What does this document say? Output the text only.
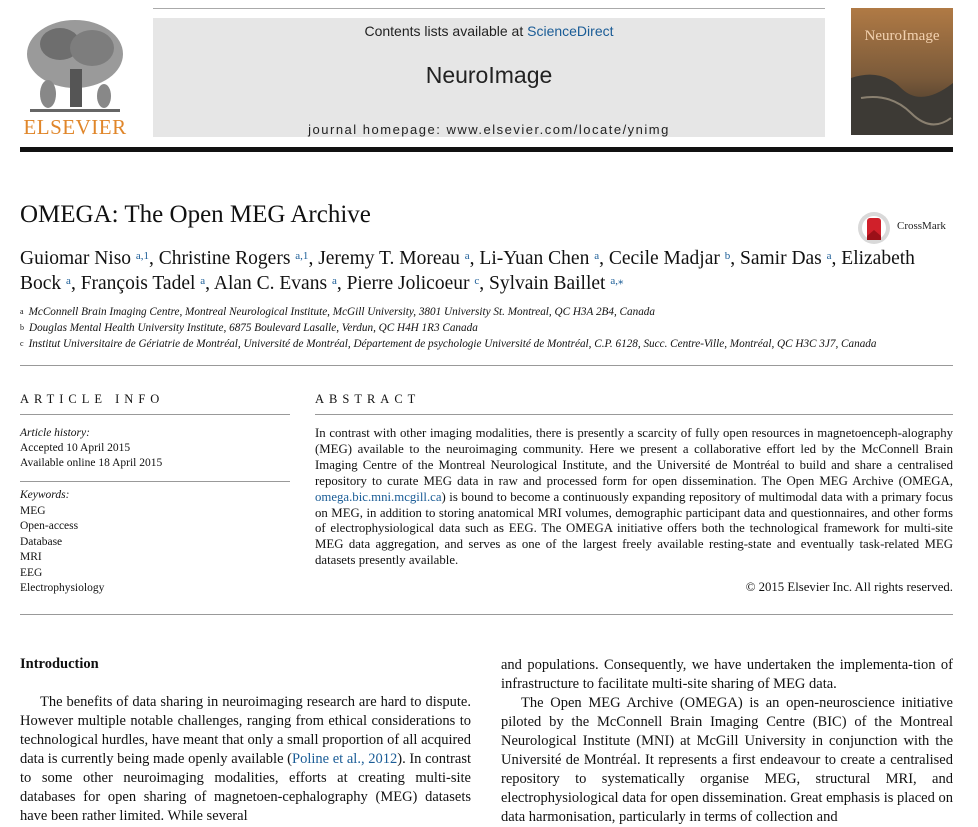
ELSEVIER
Contents lists available at ScienceDirect
NeuroImage
journal homepage: www.elsevier.com/locate/ynimg
NeuroImage
OMEGA: The Open MEG Archive	CrossMark
Guiomar Niso $^{a,1}$, Christine Rogers $^{a,1}$, Jeremy T. Moreau $^a$, Li-Yuan Chen $^a$, Cecile Madjar $^b$, Samir Das $^a$, Elizabeth Bock $^a$, François Tadel $^a$, Alan C. Evans $^a$, Pierre Jolicoeur $^c$, Sylvain Baillet $^{a,⁎}$
$^a$ McConnell Brain Imaging Centre, Montreal Neurological Institute, McGill University, 3801 University St. Montreal, QC H3A 2B4, Canada
$^b$ Douglas Mental Health University Institute, 6875 Boulevard Lasalle, Verdun, QC H4H 1R3 Canada
$^c$ Institut Universitaire de Gériatrie de Montréal, Université de Montréal, Département de psychologie Université de Montréal, C.P. 6128, Succ. Centre-Ville, Montréal, QC H3C 3J7, Canada
ARTICLE INFO	ABSTRACT
Article history:
Accepted 10 April 2015
Available online 18 April 2015
Keywords:
MEG
Open-access
Database
MRI
EEG
Electrophysiology
In contrast with other imaging modalities, there is presently a scarcity of fully open resources in magnetoenceph-alography (MEG) available to the neuroimaging community. Here we present a collaborative effort led by the McConnell Brain Imaging Centre of the Montreal Neurological Institute, and the Université de Montréal to build and share a centralised repository to curate MEG data in raw and processed form for open dissemination. The Open MEG Archive (OMEGA, omega.bic.mni.mcgill.ca) is bound to become a continuously expanding repository of multimodal data with a primary focus on MEG, in addition to storing anatomical MRI volumes, demographic participant data and questionnaires, and other forms of electrophysiological data such as EEG. The OMEGA initiative offers both the technological framework for multi-site MEG data aggregation, and serves as one of the largest freely available resting-state and eventually task-related MEG datasets presently available.
© 2015 Elsevier Inc. All rights reserved.
Introduction
The benefits of data sharing in neuroimaging research are hard to dispute. However multiple notable challenges, ranging from ethical considerations to technological hurdles, have meant that only a small proportion of all acquired data is currently being made openly available (Poline et al., 2012). In contrast to some other neuroimaging modalities, efforts at creating multi-site databases for open sharing of magnetoen-cephalography (MEG) datasets have been rather limited. While several

and populations. Consequently, we have undertaken the implementa-tion of infrastructure to facilitate multi-site sharing of MEG data.

The Open MEG Archive (OMEGA) is an open-neuroscience initiative piloted by the McConnell Brain Imaging Centre (BIC) of the Montreal Neurological Institute (MNI) at McGill University in conjunction with the Université de Montréal. It represents a first endeavour to create a centralised repository to systematically organise MEG, structural MRI, and electrophysiological data for open dissemination. Great emphasis is placed on data harmonisation, particularly in terms of collection and
